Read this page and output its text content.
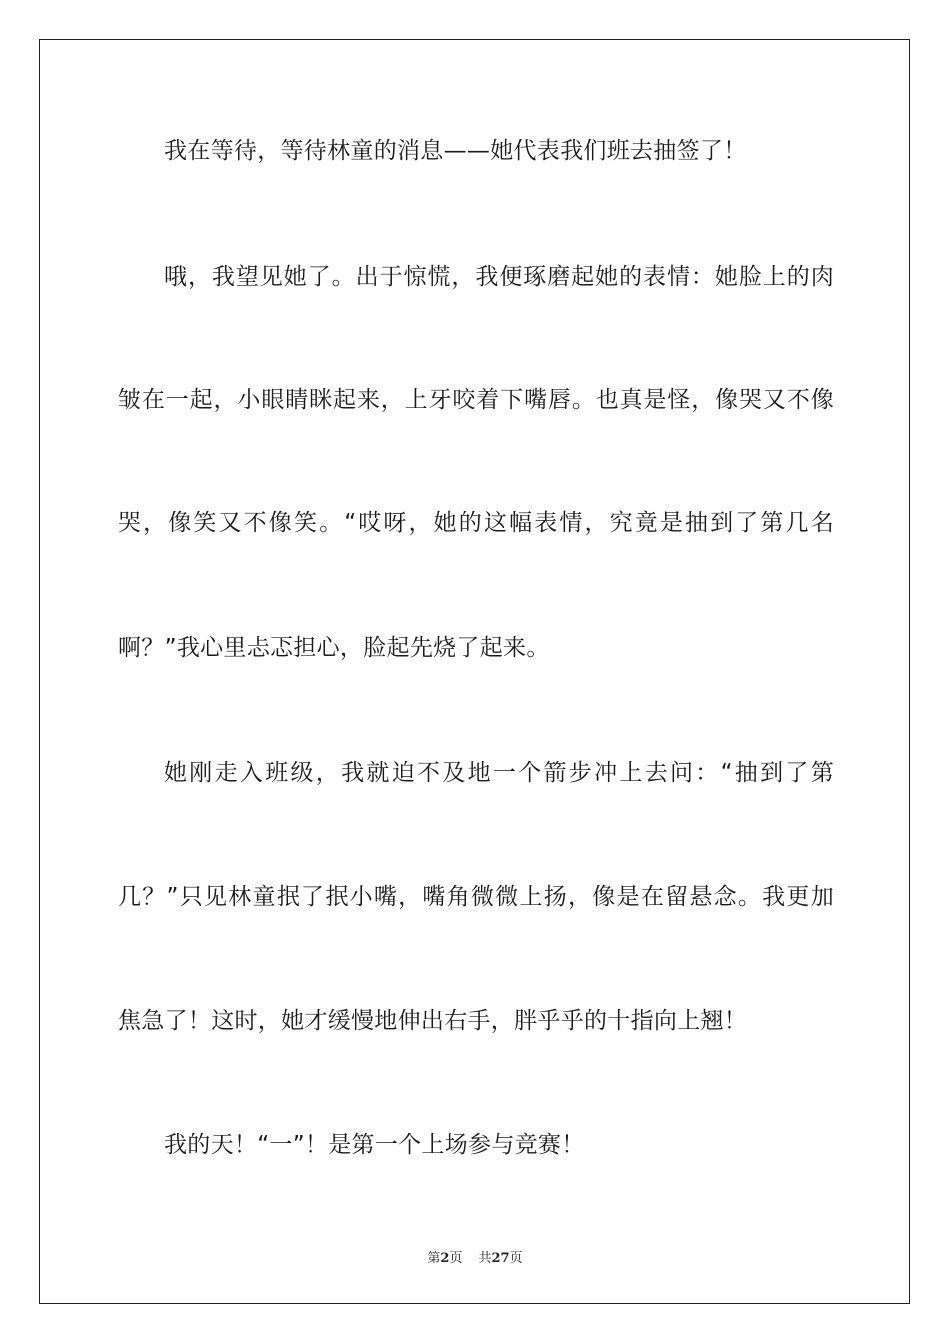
我在等待，等待林童的消息——她代表我们班去抽签了！
哦，我望见她了。出于惊慌，我便琢磨起她的表情：她脸上的肉
皱在一起，小眼睛眯起来，上牙咬着下嘴唇。也真是怪，像哭又不像
哭，像笑又不像笑。“哎呀，她的这幅表情，究竟是抽到了第几名
啊？”我心里忐忑担心，脸起先烧了起来。
她刚走入班级，我就迫不及地一个箭步冲上去问：“抽到了第
几？”只见林童抿了抿小嘴，嘴角微微上扬，像是在留悬念。我更加
焦急了！这时，她才缓慢地伸出右手，胖乎乎的十指向上翘！
我的天！“一”！是第一个上场参与竞赛！
第2页 共27页
